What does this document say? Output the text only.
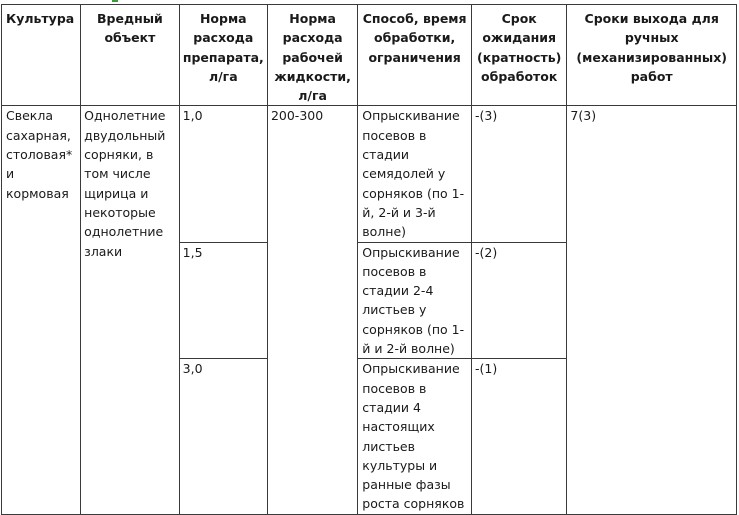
Культура	Вредный объект	Норма расхода препарата, л/га	Норма расхода рабочей жидкости, л/га	Способ, время обработки, ограничения	Срок ожидания (кратность) обработок	Сроки выхода для ручных (механизированных) работ
Свекла сахарная, столовая* и кормовая	Однолетние двудольный сорняки, в том числе щирица и некоторые однолетние злаки	1,0	200-300	Опрыскивание посевов в стадии семядолей у сорняков (по 1-й, 2-й и 3-й волне)	-(3)	7(3)
		1,5		Опрыскивание посевов в стадии 2-4 листьев у сорняков (по 1-й и 2-й волне)	-(2)	
		3,0		Опрыскивание посевов в стадии 4 настоящих листьев культуры и ранные фазы роста сорняков	-(1)	
